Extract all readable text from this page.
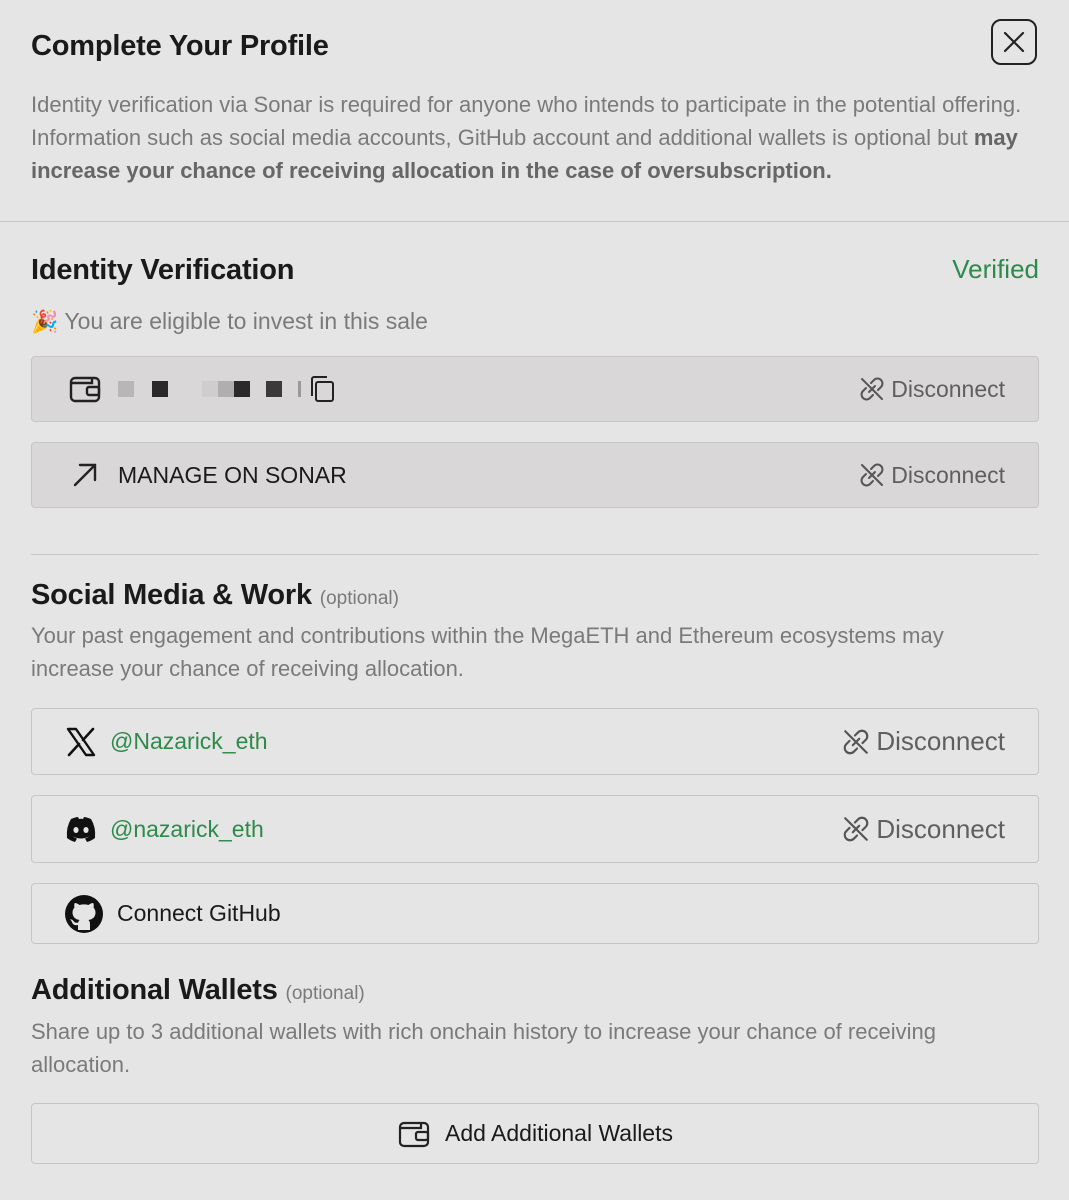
Complete Your Profile
Identity verification via Sonar is required for anyone who intends to participate in the potential offering. Information such as social media accounts, GitHub account and additional wallets is optional but may increase your chance of receiving allocation in the case of oversubscription.
Identity Verification	Verified
🎉 You are eligible to invest in this sale
Disconnect
MANAGE ON SONAR	Disconnect
Social Media & Work (optional)
Your past engagement and contributions within the MegaETH and Ethereum ecosystems may increase your chance of receiving allocation.
@Nazarick_eth	Disconnect
@nazarick_eth	Disconnect
Connect GitHub
Additional Wallets (optional)
Share up to 3 additional wallets with rich onchain history to increase your chance of receiving allocation.
Add Additional Wallets
